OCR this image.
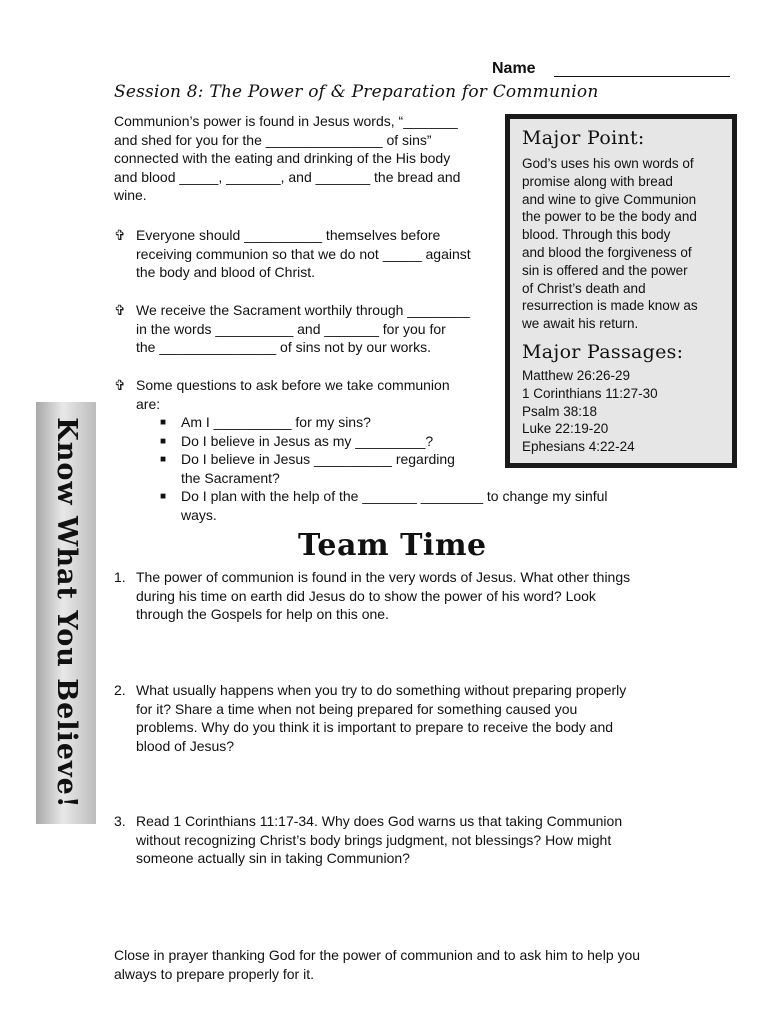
Name
Session 8: The Power of & Preparation for Communion
Communion’s power is found in Jesus words, “_______
and shed for you for the _______________ of sins”
connected with the eating and drinking of the His body
and blood _____, _______, and _______ the bread and
wine.
✞ Everyone should __________ themselves before
receiving communion so that we do not _____ against
the body and blood of Christ.
✞ We receive the Sacrament worthily through ________
in the words __________ and _______ for you for
the _______________ of sins not by our works.
✞ Some questions to ask before we take communion
are:
■ Am I __________ for my sins?
■ Do I believe in Jesus as my _________?
■ Do I believe in Jesus __________ regarding
the Sacrament?
■ Do I plan with the help of the _______ ________ to change my sinful
ways.
Major Point:
God’s uses his own words of
promise along with bread
and wine to give Communion
the power to be the body and
blood. Through this body
and blood the forgiveness of
sin is offered and the power
of Christ’s death and
resurrection is made know as
we await his return.
Major Passages:
Matthew 26:26-29
1 Corinthians 11:27-30
Psalm 38:18
Luke 22:19-20
Ephesians 4:22-24
Know What You Believe!	Team Time
1. The power of communion is found in the very words of Jesus. What other things
during his time on earth did Jesus do to show the power of his word? Look
through the Gospels for help on this one.
2. What usually happens when you try to do something without preparing properly
for it? Share a time when not being prepared for something caused you
problems. Why do you think it is important to prepare to receive the body and
blood of Jesus?
3. Read 1 Corinthians 11:17-34. Why does God warns us that taking Communion
without recognizing Christ’s body brings judgment, not blessings? How might
someone actually sin in taking Communion?
Close in prayer thanking God for the power of communion and to ask him to help you
always to prepare properly for it.
